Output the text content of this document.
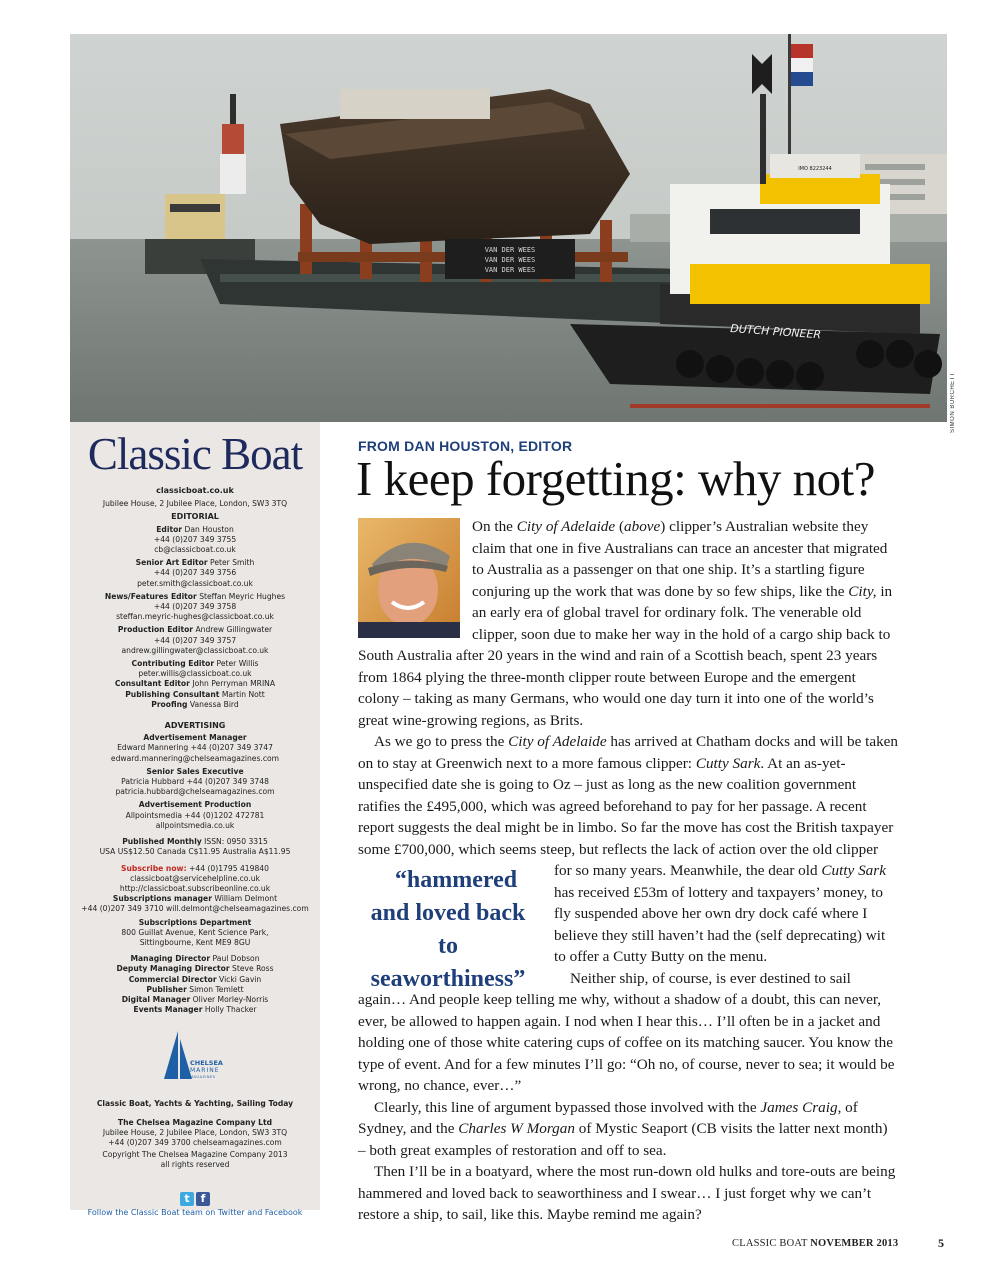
VAN DER WEES
VAN DER WEES
VAN DER WEES
IMO 8223244
DUTCH PIONEER
SIMON BURCHETT
Classic Boat
classicboat.co.uk
Jubilee House, 2 Jubilee Place, London, SW3 3TQ
EDITORIAL
Editor Dan Houston
+44 (0)207 349 3755
cb@classicboat.co.uk
Senior Art Editor Peter Smith
+44 (0)207 349 3756
peter.smith@classicboat.co.uk
News/Features Editor Steffan Meyric Hughes
+44 (0)207 349 3758
steffan.meyric-hughes@classicboat.co.uk
Production Editor Andrew Gillingwater
+44 (0)207 349 3757
andrew.gillingwater@classicboat.co.uk
Contributing Editor Peter Willis
peter.willis@classicboat.co.uk
Consultant Editor John Perryman MRINA
Publishing Consultant Martin Nott
Proofing Vanessa Bird
ADVERTISING
Advertisement Manager
Edward Mannering +44 (0)207 349 3747
edward.mannering@chelseamagazines.com
Senior Sales Executive
Patricia Hubbard +44 (0)207 349 3748
patricia.hubbard@chelseamagazines.com
Advertisement Production
Allpointsmedia +44 (0)1202 472781
allpointsmedia.co.uk
Published Monthly ISSN: 0950 3315
USA US$12.50 Canada C$11.95 Australia A$11.95
Subscribe now: +44 (0)1795 419840
classicboat@servicehelpline.co.uk
http://classicboat.subscribeonline.co.uk
Subscriptions manager William Delmont
+44 (0)207 349 3710 will.delmont@chelseamagazines.com
Subscriptions Department
800 Guillat Avenue, Kent Science Park,
Sittingbourne, Kent ME9 8GU
Managing Director Paul Dobson
Deputy Managing Director Steve Ross
Commercial Director Vicki Gavin
Publisher Simon Temlett
Digital Manager Oliver Morley-Norris
Events Manager Holly Thacker
CHELSEA
MARINE
MAGAZINES
Classic Boat, Yachts & Yachting, Sailing Today
The Chelsea Magazine Company Ltd
Jubilee House, 2 Jubilee Place, London, SW3 3TQ
+44 (0)207 349 3700 chelseamagazines.com
Copyright The Chelsea Magazine Company 2013
all rights reserved
t f
Follow the Classic Boat team on Twitter and Facebook
FROM DAN HOUSTON, EDITOR
I keep forgetting: why not?

On the City of Adelaide (above) clipper’s Australian website they claim that one in five Australians can trace an ancester that migrated to Australia as a passenger on that one ship. It’s a startling figure conjuring up the work that was done by so few ships, like the City, in an early era of global travel for ordinary folk. The venerable old clipper, soon due to make her way in the hold of a cargo ship back to South Australia after 20 years in the wind and rain of a Scottish beach, spent 23 years from 1864 plying the three-month clipper route between Europe and the emergent colony – taking as many Germans, who would one day turn it into one of the world’s great wine-growing regions, as Brits.

As we go to press the City of Adelaide has arrived at Chatham docks and will be taken on to stay at Greenwich next to a more famous clipper: Cutty Sark. At an as-yet-unspecified date she is going to Oz – just as long as the new coalition government ratifies the £495,000, which was agreed beforehand to pay for her passage. A recent report suggests the deal might be in limbo. So far the move has cost the British taxpayer some £700,000, which seems steep, but reflects the lack of action over the old clipper for so many years. Meanwhile, the dear old
“hammered and loved back to seaworthiness”
Cutty Sark has received £53m of lottery and taxpayers’ money, to fly suspended above her own dry dock café where I believe they still haven’t had the (self deprecating) wit to offer a Cutty Butty on the menu.

Neither ship, of course, is ever destined to sail again… And people keep telling me why, without a shadow of a doubt, this can never, ever, be allowed to happen again. I nod when I hear this… I’ll often be in a jacket and holding one of those white catering cups of coffee on its matching saucer. You know the type of event. And for a few minutes I’ll go: “Oh no, of course, never to sea; it would be wrong, no chance, ever…”

Clearly, this line of argument bypassed those involved with the James Craig, of Sydney, and the Charles W Morgan of Mystic Seaport (CB visits the latter next month) – both great examples of restoration and off to sea.

Then I’ll be in a boatyard, where the most run-down old hulks and tore-outs are being hammered and loved back to seaworthiness and I swear… I just forget why we can’t restore a ship, to sail, like this. Maybe remind me again?

CLASSIC BOAT NOVEMBER 2013	5
